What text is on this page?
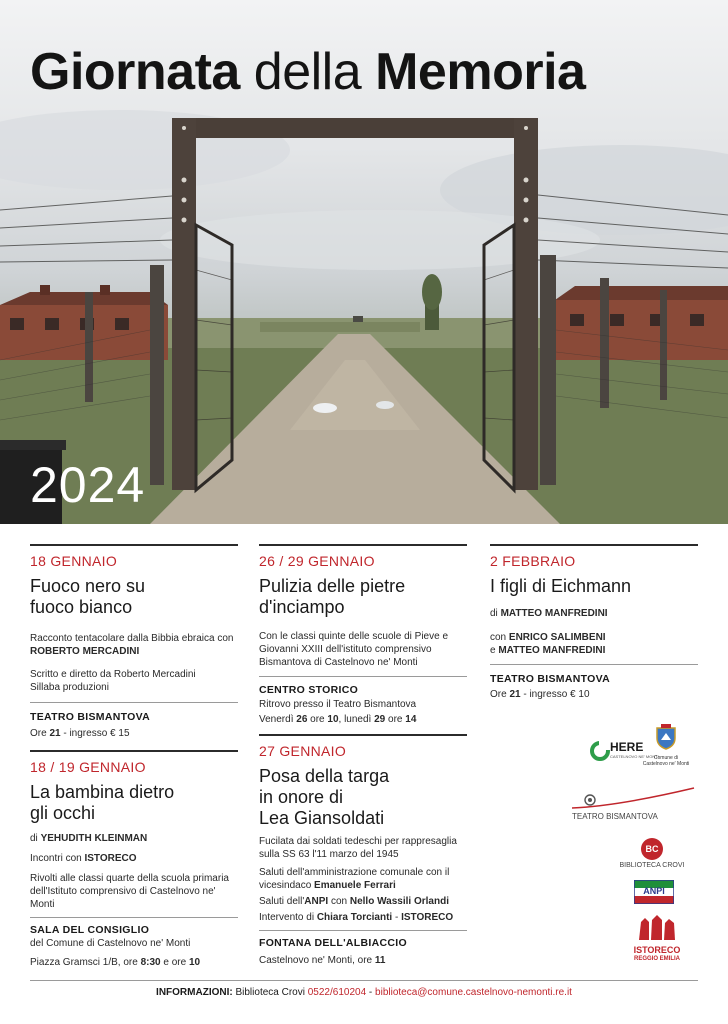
Giornata della Memoria
2024
18 GENNAIO
Fuoco nero su
fuoco bianco
Racconto tentacolare dalla Bibbia ebraica con ROBERTO MERCADINI
Scritto e diretto da Roberto Mercadini
Sillaba produzioni
TEATRO BISMANTOVA
Ore 21 - ingresso € 15
18 / 19 GENNAIO
La bambina dietro
gli occhi
di YEHUDITH KLEINMAN
Incontri con ISTORECO
Rivolti alle classi quarte della scuola primaria dell'Istituto comprensivo di Castelnovo ne' Monti
SALA DEL CONSIGLIO
del Comune di Castelnovo ne' Monti
Piazza Gramsci 1/B, ore 8:30 e ore 10
26 / 29 GENNAIO
Pulizia delle pietre
d'inciampo
Con le classi quinte delle scuole di Pieve e Giovanni XXIII dell'istituto comprensivo Bismantova di Castelnovo ne' Monti
CENTRO STORICO
Ritrovo presso il Teatro Bismantova
Venerdì 26 ore 10, lunedì 29 ore 14
27 GENNAIO
Posa della targa
in onore di
Lea Giansoldati
Fucilata dai soldati tedeschi per rappresaglia sulla SS 63 l'11 marzo del 1945
Saluti dell'amministrazione comunale con il vicesindaco Emanuele Ferrari
Saluti dell'ANPI con Nello Wassili Orlandi
Intervento di Chiara Torcianti - ISTORECO
FONTANA DELL'ALBIACCIO
Castelnovo ne' Monti, ore 11
2 FEBBRAIO
I figli di Eichmann
di MATTEO MANFREDINI
con ENRICO SALIMBENI
e MATTEO MANFREDINI
TEATRO BISMANTOVA
Ore 21 - ingresso € 10
HERE
CASTELNOVO NE' MONTI
Comune di
Castelnovo ne' Monti
TEATRO BISMANTOVA
BC
BIBLIOTECA CROVI
ANPI
ISTORECO
REGGIO EMILIA
INFORMAZIONI: Biblioteca Crovi 0522/610204 - biblioteca@comune.castelnovo-nemonti.re.it
